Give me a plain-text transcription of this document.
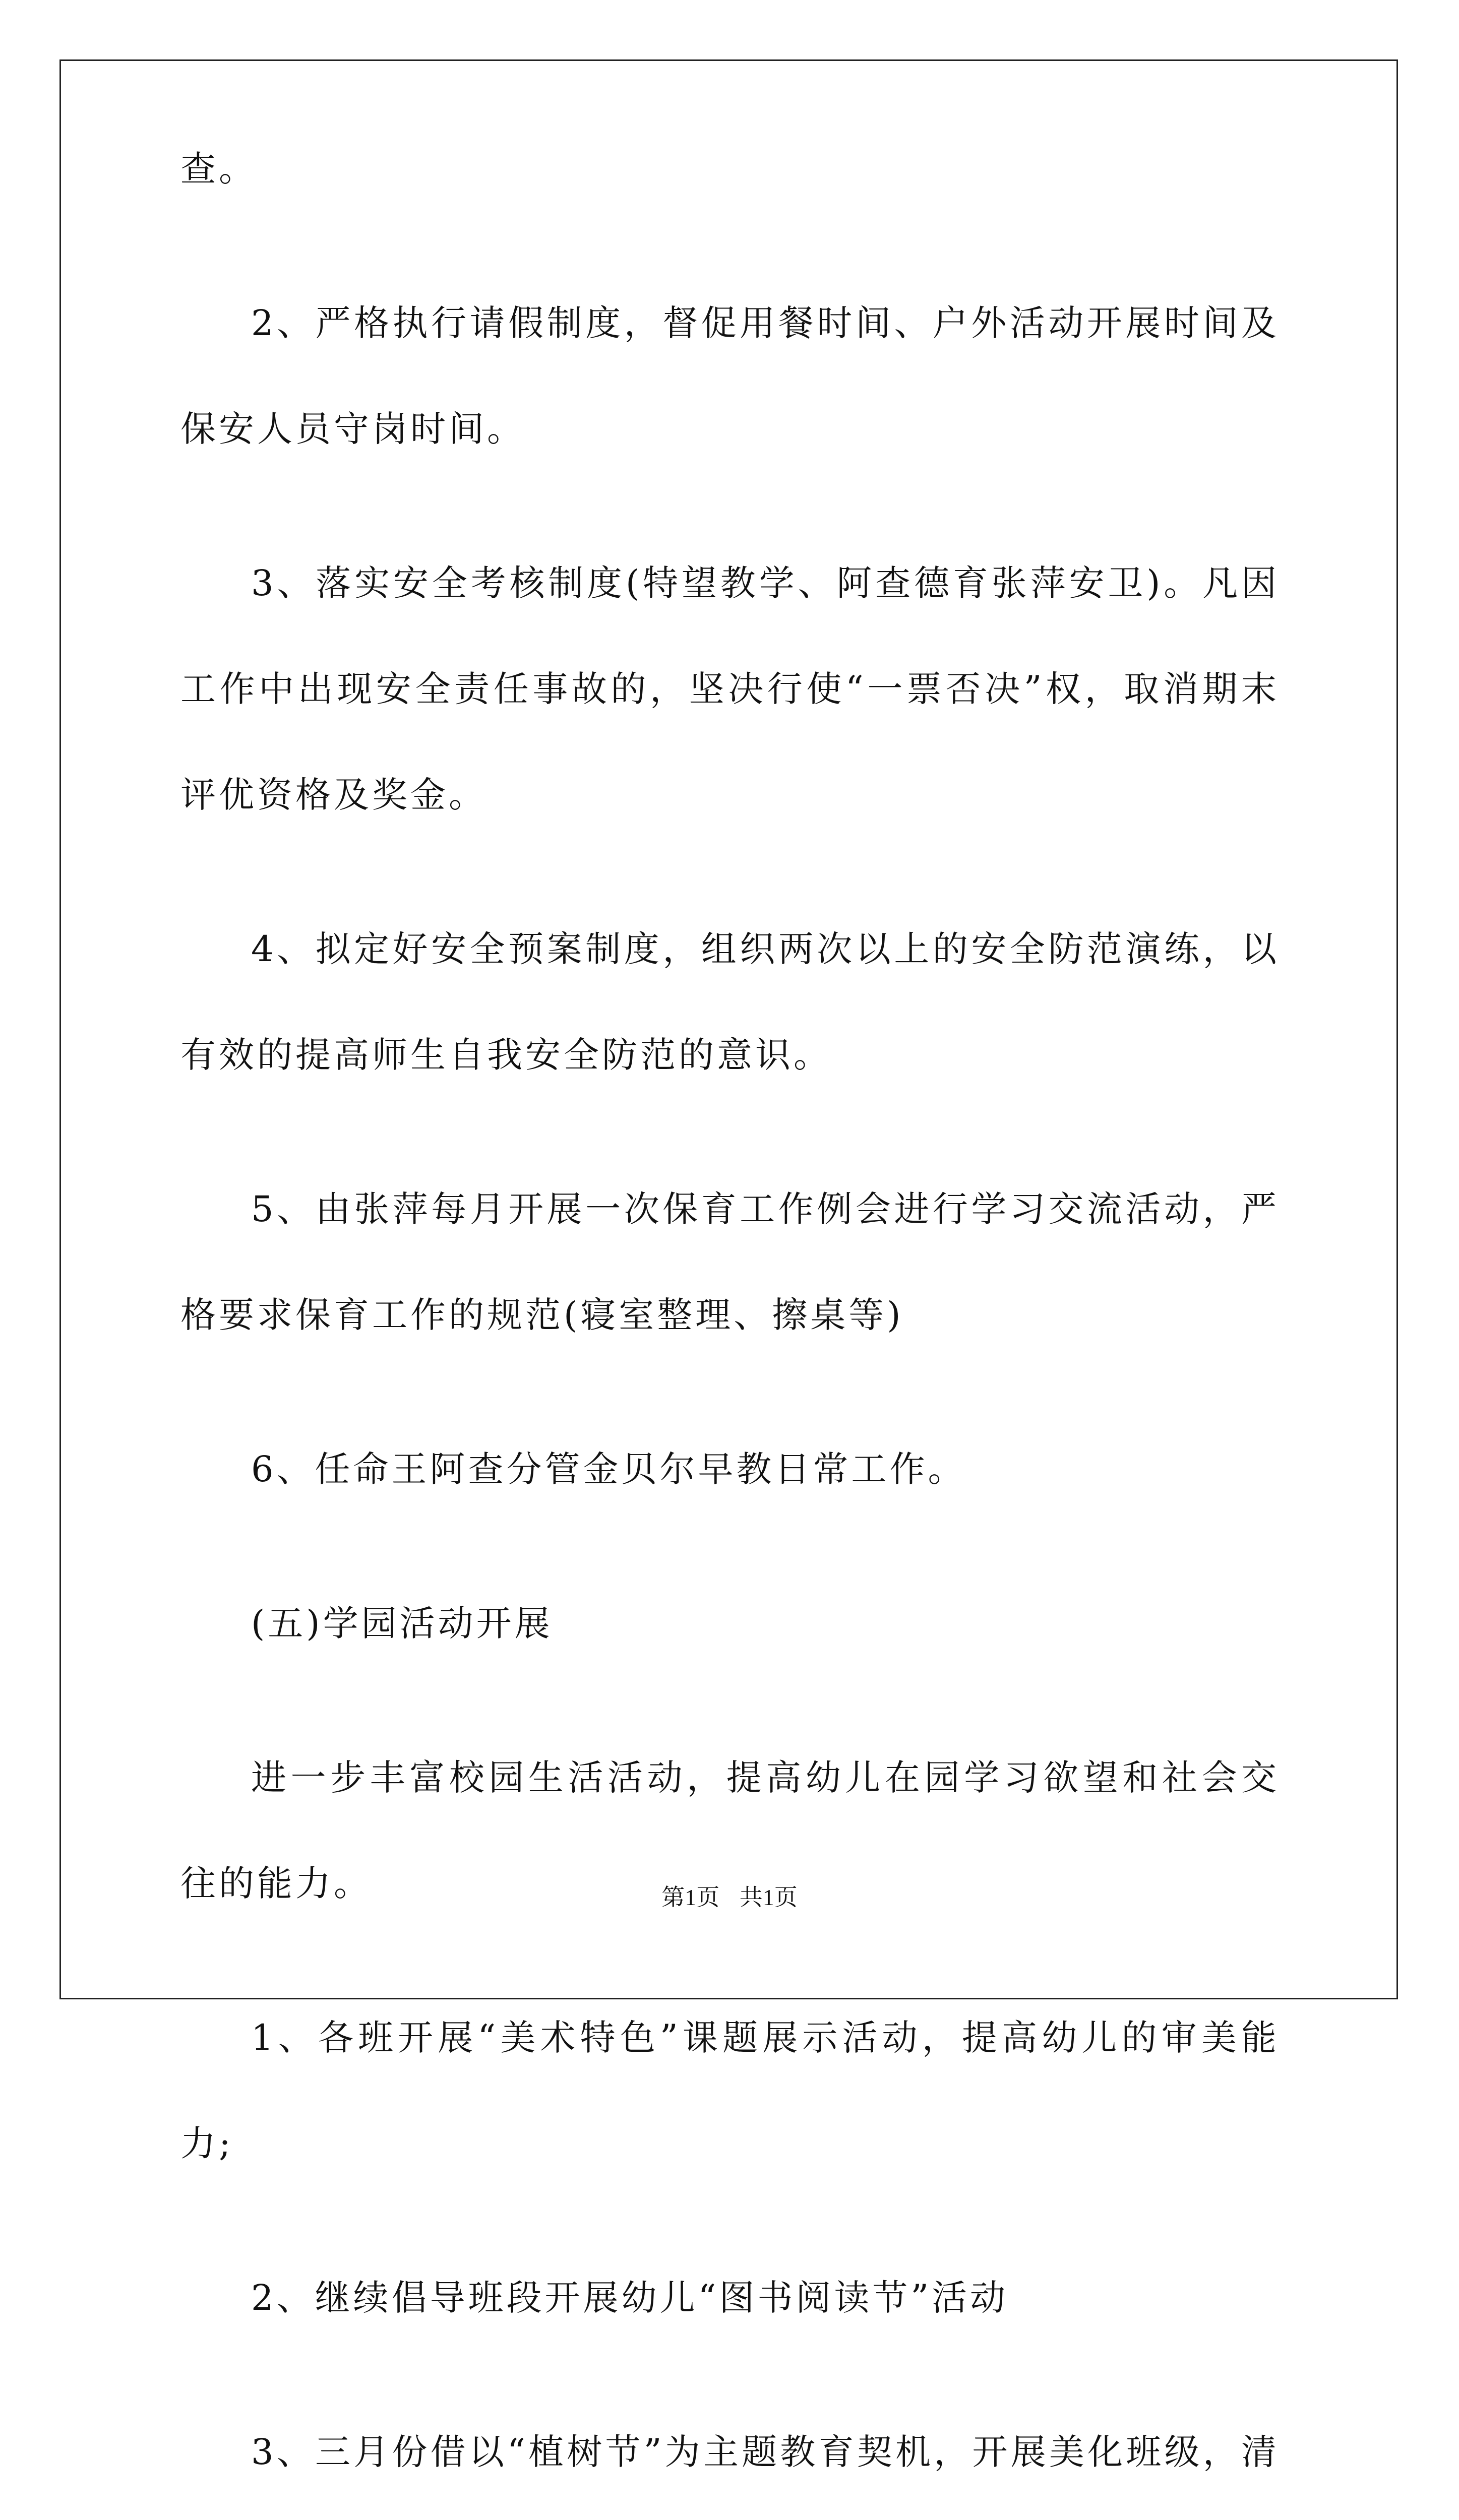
查。

2、严格执行请假制度，督促用餐时间、户外活动开展时间及保安人员守岗时间。

3、落实安全考核制度(特望教学、阿查德育张萍安卫)。凡因工作中出现安全责任事故的，坚决行使“一票否决”权，取消期末评优资格及奖金。

4、拟定好安全预案制度，组织两次以上的安全防范演练，以有效的提高师生自我安全防范的意识。

5、由张萍每月开展一次保育工作例会进行学习交流活动，严格要求保育工作的规范(寝室整理、擦桌等)

6、任命王阿查分管金贝尔早教日常工作。

(五)学园活动开展

进一步丰富校园生活活动，提高幼儿在园学习欲望和社会交往的能力。

1、各班开展“美术特色”课题展示活动，提高幼儿的审美能力;

2、继续倡导班段开展幼儿“图书阅读节”活动

3、三月份借以“植树节”为主题教育契机，开展美化班级，清

第1页 共1页
